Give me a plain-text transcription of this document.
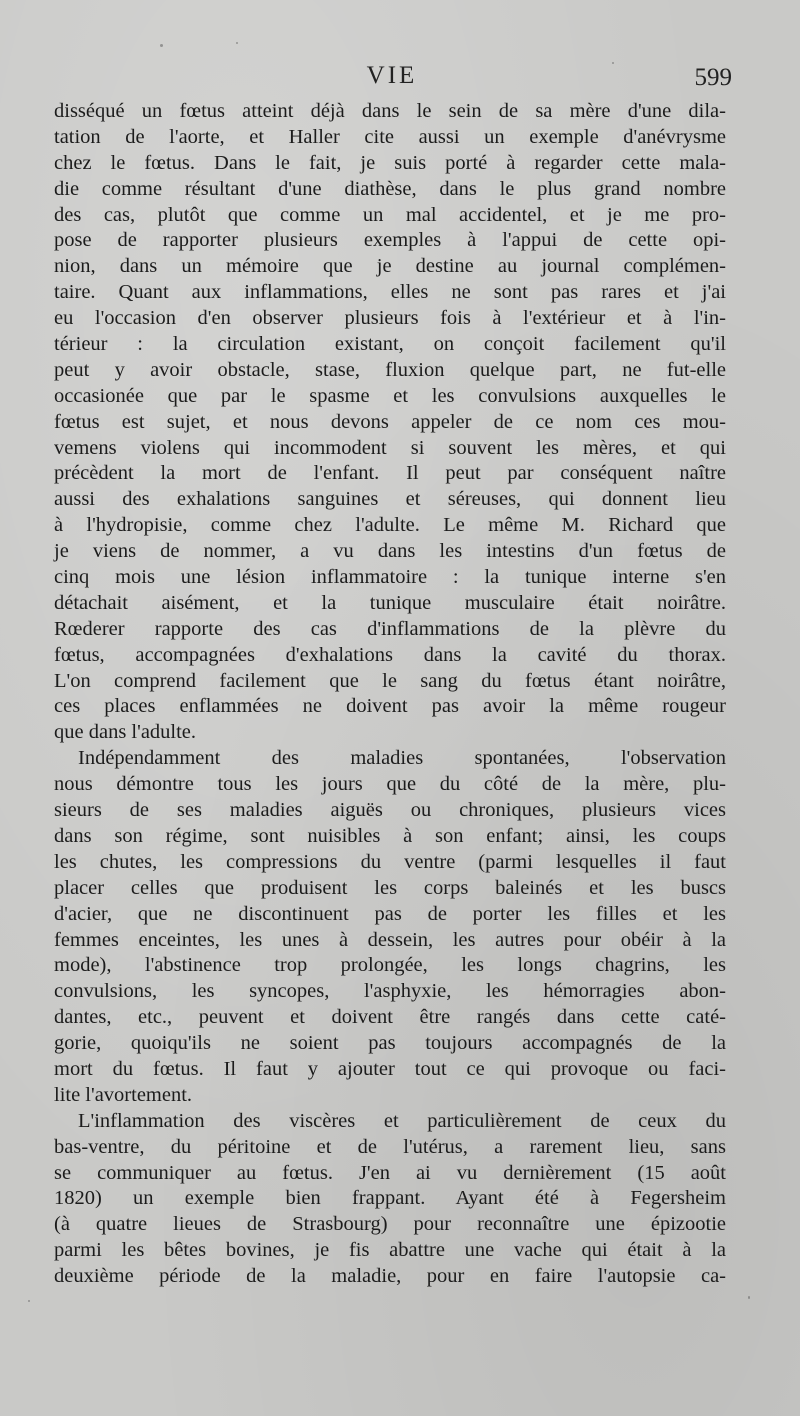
VIE	599
disséqué un fœtus atteint déjà dans le sein de sa mère d'une dila-
tation de l'aorte, et Haller cite aussi un exemple d'anévrysme
chez le fœtus. Dans le fait, je suis porté à regarder cette mala-
die comme résultant d'une diathèse, dans le plus grand nombre
des cas, plutôt que comme un mal accidentel, et je me pro-
pose de rapporter plusieurs exemples à l'appui de cette opi-
nion, dans un mémoire que je destine au journal complémen-
taire. Quant aux inflammations, elles ne sont pas rares et j'ai
eu l'occasion d'en observer plusieurs fois à l'extérieur et à l'in-
térieur : la circulation existant, on conçoit facilement qu'il
peut y avoir obstacle, stase, fluxion quelque part, ne fut-elle
occasionée que par le spasme et les convulsions auxquelles le
fœtus est sujet, et nous devons appeler de ce nom ces mou-
vemens violens qui incommodent si souvent les mères, et qui
précèdent la mort de l'enfant. Il peut par conséquent naître
aussi des exhalations sanguines et séreuses, qui donnent lieu
à l'hydropisie, comme chez l'adulte. Le même M. Richard que
je viens de nommer, a vu dans les intestins d'un fœtus de
cinq mois une lésion inflammatoire : la tunique interne s'en
détachait aisément, et la tunique musculaire était noirâtre.
Rœderer rapporte des cas d'inflammations de la plèvre du
fœtus, accompagnées d'exhalations dans la cavité du thorax.
L'on comprend facilement que le sang du fœtus étant noirâtre,
ces places enflammées ne doivent pas avoir la même rougeur
que dans l'adulte.
Indépendamment des maladies spontanées, l'observation
nous démontre tous les jours que du côté de la mère, plu-
sieurs de ses maladies aiguës ou chroniques, plusieurs vices
dans son régime, sont nuisibles à son enfant; ainsi, les coups
les chutes, les compressions du ventre (parmi lesquelles il faut
placer celles que produisent les corps baleinés et les buscs
d'acier, que ne discontinuent pas de porter les filles et les
femmes enceintes, les unes à dessein, les autres pour obéir à la
mode), l'abstinence trop prolongée, les longs chagrins, les
convulsions, les syncopes, l'asphyxie, les hémorragies abon-
dantes, etc., peuvent et doivent être rangés dans cette caté-
gorie, quoiqu'ils ne soient pas toujours accompagnés de la
mort du fœtus. Il faut y ajouter tout ce qui provoque ou faci-
lite l'avortement.
L'inflammation des viscères et particulièrement de ceux du
bas-ventre, du péritoine et de l'utérus, a rarement lieu, sans
se communiquer au fœtus. J'en ai vu dernièrement (15 août
1820) un exemple bien frappant. Ayant été à Fegersheim
(à quatre lieues de Strasbourg) pour reconnaître une épizootie
parmi les bêtes bovines, je fis abattre une vache qui était à la
deuxième période de la maladie, pour en faire l'autopsie ca-
